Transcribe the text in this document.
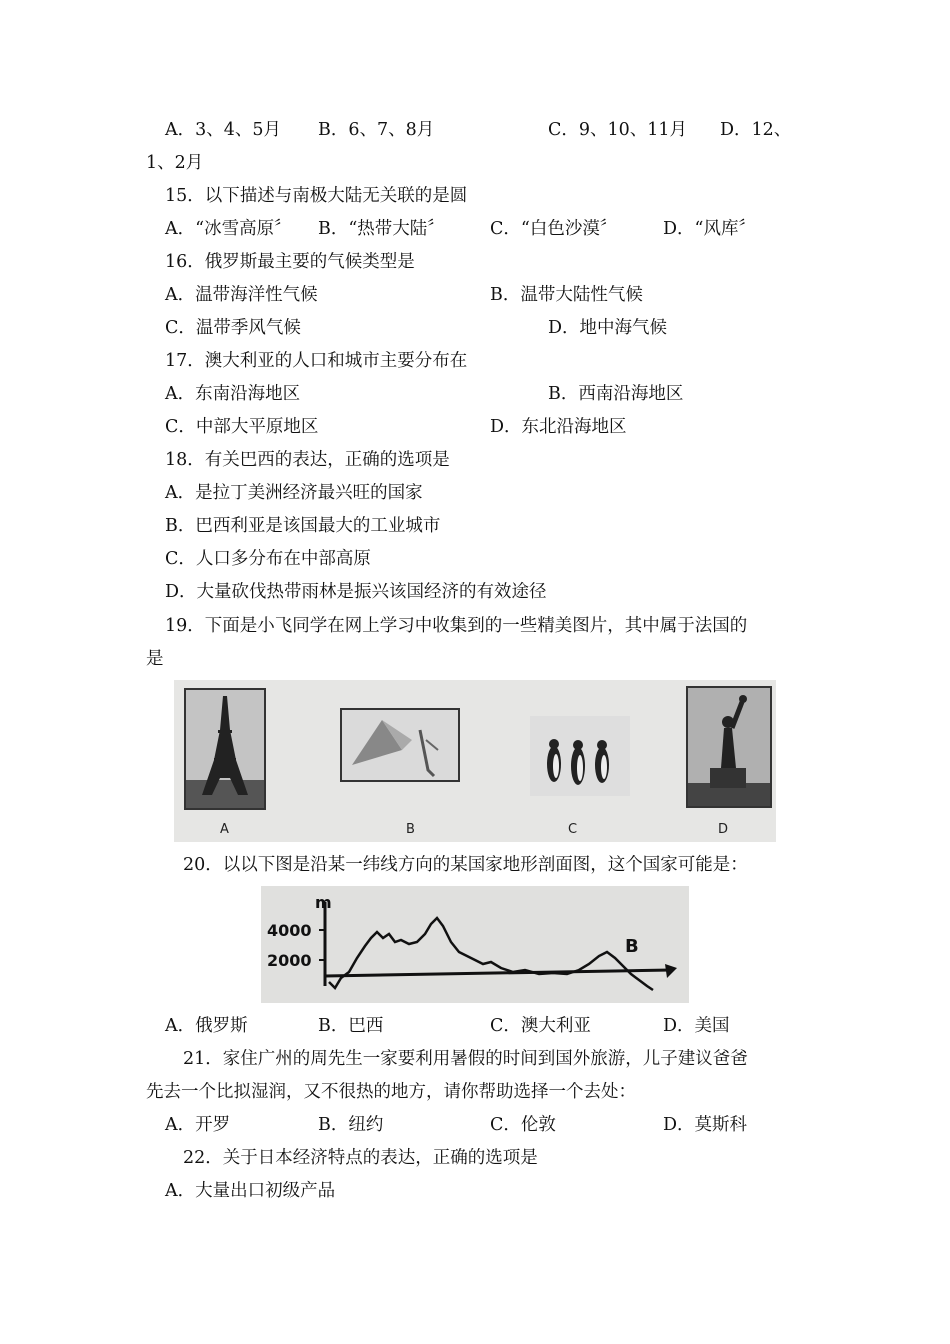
A．3、4、5月 B．6、7、8月	C．9、10、11月 D．12、
1、2月
15．以下描述与南极大陆无关联的是圆
A．“冰雪高原〞 B．“热带大陆〞	C．“白色沙漠〞	D．“风库〞
16．俄罗斯最主要的气候类型是
A．温带海洋性气候	B．温带大陆性气候
C．温带季风气候	D．地中海气候
17．澳大利亚的人口和城市主要分布在
A．东南沿海地区	B．西南沿海地区
C．中部大平原地区	D．东北沿海地区
18．有关巴西的表达，正确的选项是
A．是拉丁美洲经济最兴旺的国家
B．巴西利亚是该国最大的工业城市
C．人口多分布在中部高原
D．大量砍伐热带雨林是振兴该国经济的有效途径
19．下面是小飞同学在网上学习中收集到的一些精美图片，其中属于法国的
是
A	B	C	D
20．以以下图是沿某一纬线方向的某国家地形剖面图，这个国家可能是：
m
4000
2000
B
A．俄罗斯	B．巴西	C．澳大利亚	D．美国
21．家住广州的周先生一家要利用暑假的时间到国外旅游，儿子建议爸爸
先去一个比拟湿润，又不很热的地方，请你帮助选择一个去处：
A．开罗	B．纽约	C．伦敦	D．莫斯科
22．关于日本经济特点的表达，正确的选项是
A．大量出口初级产品
